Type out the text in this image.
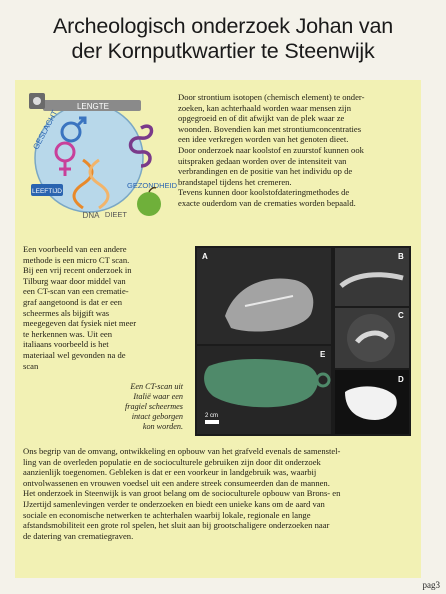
Archeologisch onderzoek Johan van
der Kornputkwartier te Steenwijk
LENGTE
GESLACHT
DNA
GEZONDHEID
LEEFTIJD
DIEET

Door strontium isotopen (chemisch element) te onder-

zoeken, kan achterhaald worden waar mensen zijn

opgegroeid en of dit afwijkt van de plek waar ze

woonden. Bovendien kan met strontiumconcentraties

een idee verkregen worden van het genoten dieet.

Door onderzoek naar koolstof en zuurstof kunnen ook

uitspraken gedaan worden over de intensiteit van

verbrandingen en de positie van het individu op de

brandstapel tijdens het cremeren.

Tevens kunnen door koolstofdateringmethodes de

exacte ouderdom van de crematies worden bepaald.

Een voorbeeld van een andere

methode is een micro CT scan.

Bij een vrij recent onderzoek in

Tilburg waar door middel van

een CT-scan van een crematie-

graf aangetoond is dat er een

scheermes als bijgift was

meegegeven dat fysiek niet meer

te herkennen was. Uit een

italiaans voorbeeld is het

materiaal wel gevonden na de

scan

Een CT-scan uit

Italië waar een

fragiel scheermes

intact geborgen

kon worden.

A	B
C
2 cm
E
D

Ons begrip van de omvang, ontwikkeling en opbouw van het grafveld evenals de samenstel-

ling van de overleden populatie en de socioculturele gebruiken zijn door dit onderzoek

aanzienlijk toegenomen. Gebleken is dat er een voorkeur in landgebruik was, waarbij

ontvolwassenen en vrouwen voedsel uit een andere streek consumeerden dan de mannen.

Het onderzoek in Steenwijk is van groot belang om de socioculturele opbouw van Brons- en

IJzertijd samenlevingen verder te onderzoeken en biedt een unieke kans om de aard van

sociale en economische netwerken te achterhalen waarbij lokale, regionale en lange

afstandsmobiliteit een grote rol spelen, het sluit aan bij grootschaligere onderzoeken naar

de datering van crematiegraven.

pag3
